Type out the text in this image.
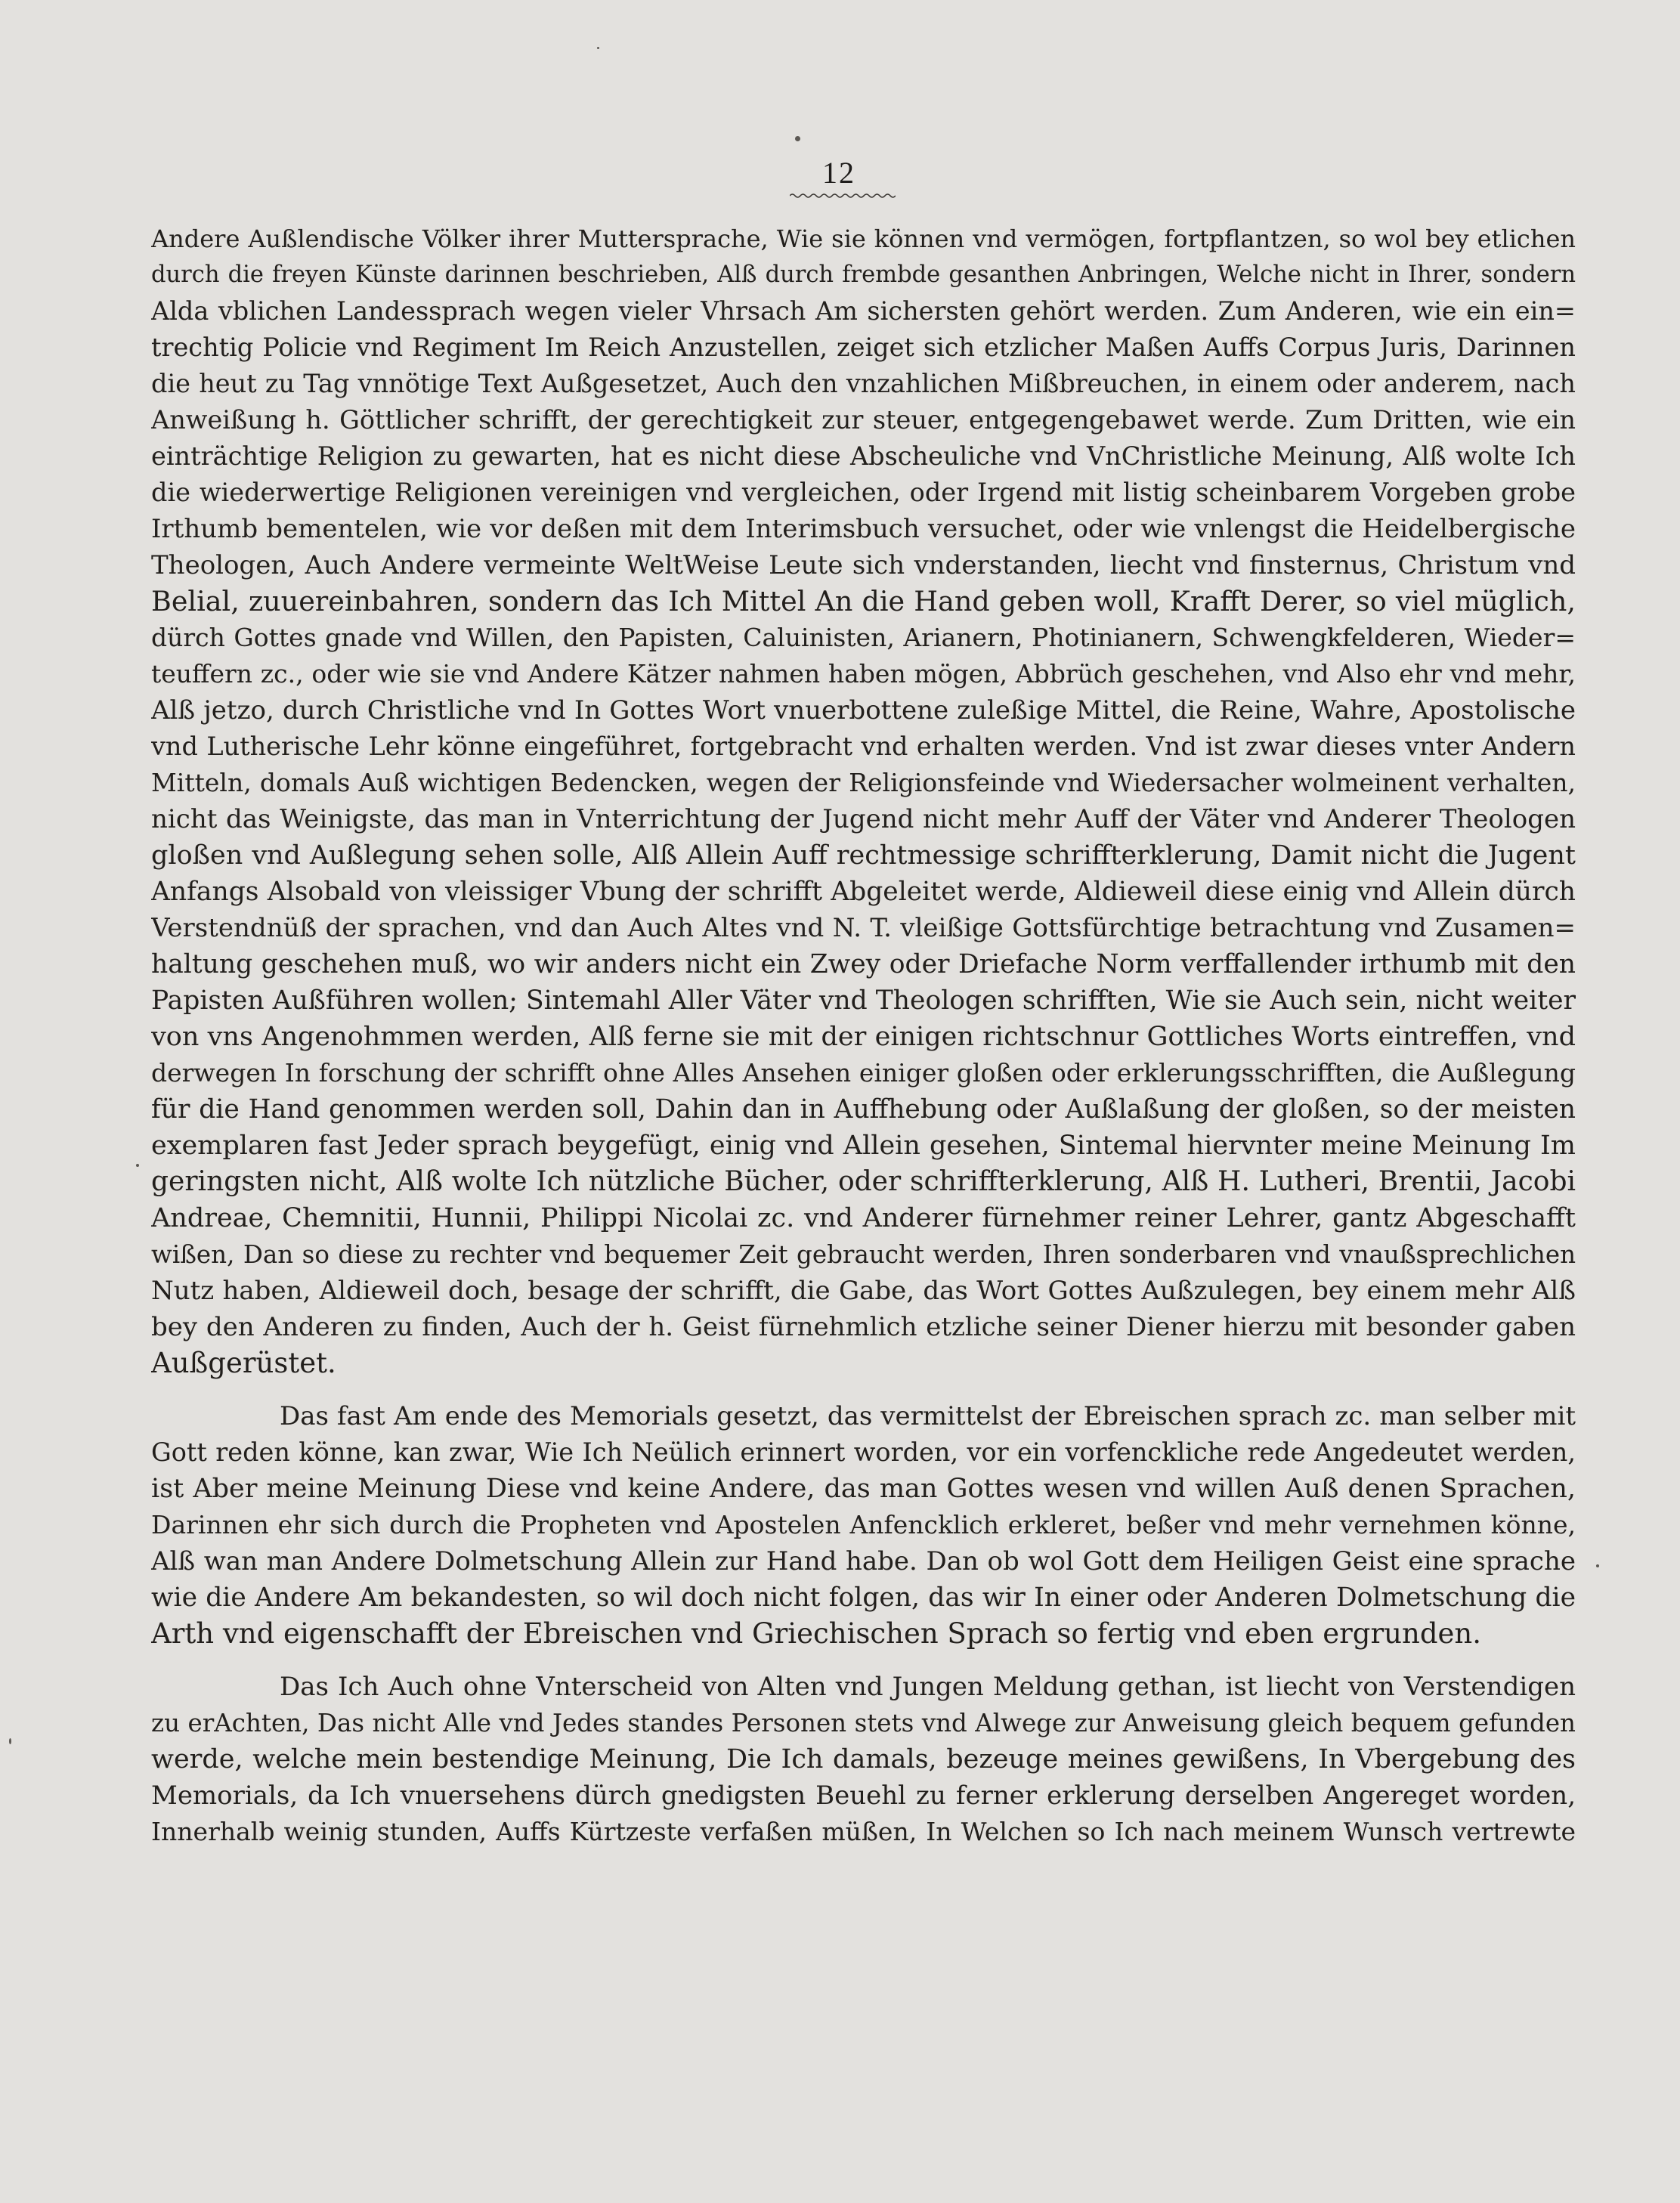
12
Andere Außlendische Völker ihrer Muttersprache, Wie sie können vnd vermögen, fortpflantzen, so wol bey etlichen
durch die freyen Künste darinnen beschrieben, Alß durch frembde gesanthen Anbringen, Welche nicht in Ihrer, sondern
Alda vblichen Landessprach wegen vieler Vhrsach Am sichersten gehört werden. Zum Anderen, wie ein ein=
trechtig Policie vnd Regiment Im Reich Anzustellen, zeiget sich etzlicher Maßen Auffs Corpus Juris, Darinnen
die heut zu Tag vnnötige Text Außgesetzet, Auch den vnzahlichen Mißbreuchen, in einem oder anderem, nach
Anweißung h. Göttlicher schrifft, der gerechtigkeit zur steuer, entgegengebawet werde. Zum Dritten, wie ein
einträchtige Religion zu gewarten, hat es nicht diese Abscheuliche vnd VnChristliche Meinung, Alß wolte Ich
die wiederwertige Religionen vereinigen vnd vergleichen, oder Irgend mit listig scheinbarem Vorgeben grobe
Irthumb bementelen, wie vor deßen mit dem Interimsbuch versuchet, oder wie vnlengst die Heidelbergische
Theologen, Auch Andere vermeinte WeltWeise Leute sich vnderstanden, liecht vnd finsternus, Christum vnd
Belial, zuuereinbahren, sondern das Ich Mittel An die Hand geben woll, Krafft Derer, so viel müglich,
dürch Gottes gnade vnd Willen, den Papisten, Caluinisten, Arianern, Photinianern, Schwengkfelderen, Wieder=
teuffern zc., oder wie sie vnd Andere Kätzer nahmen haben mögen, Abbrüch geschehen, vnd Also ehr vnd mehr,
Alß jetzo, durch Christliche vnd In Gottes Wort vnuerbottene zuleßige Mittel, die Reine, Wahre, Apostolische
vnd Lutherische Lehr könne eingeführet, fortgebracht vnd erhalten werden. Vnd ist zwar dieses vnter Andern
Mitteln, domals Auß wichtigen Bedencken, wegen der Religionsfeinde vnd Wiedersacher wolmeinent verhalten,
nicht das Weinigste, das man in Vnterrichtung der Jugend nicht mehr Auff der Väter vnd Anderer Theologen
gloßen vnd Außlegung sehen solle, Alß Allein Auff rechtmessige schriffterklerung, Damit nicht die Jugent
Anfangs Alsobald von vleissiger Vbung der schrifft Abgeleitet werde, Aldieweil diese einig vnd Allein dürch
Verstendnüß der sprachen, vnd dan Auch Altes vnd N. T. vleißige Gottsfürchtige betrachtung vnd Zusamen=
haltung geschehen muß, wo wir anders nicht ein Zwey oder Driefache Norm verffallender irthumb mit den
Papisten Außführen wollen; Sintemahl Aller Väter vnd Theologen schrifften, Wie sie Auch sein, nicht weiter
von vns Angenohmmen werden, Alß ferne sie mit der einigen richtschnur Gottliches Worts eintreffen, vnd
derwegen In forschung der schrifft ohne Alles Ansehen einiger gloßen oder erklerungsschrifften, die Außlegung
für die Hand genommen werden soll, Dahin dan in Auffhebung oder Außlaßung der gloßen, so der meisten
exemplaren fast Jeder sprach beygefügt, einig vnd Allein gesehen, Sintemal hiervnter meine Meinung Im
geringsten nicht, Alß wolte Ich nützliche Bücher, oder schriffterklerung, Alß H. Lutheri, Brentii, Jacobi
Andreae, Chemnitii, Hunnii, Philippi Nicolai zc. vnd Anderer fürnehmer reiner Lehrer, gantz Abgeschafft
wißen, Dan so diese zu rechter vnd bequemer Zeit gebraucht werden, Ihren sonderbaren vnd vnaußsprechlichen
Nutz haben, Aldieweil doch, besage der schrifft, die Gabe, das Wort Gottes Außzulegen, bey einem mehr Alß
bey den Anderen zu finden, Auch der h. Geist fürnehmlich etzliche seiner Diener hierzu mit besonder gaben
Außgerüstet.
Das fast Am ende des Memorials gesetzt, das vermittelst der Ebreischen sprach zc. man selber mit
Gott reden könne, kan zwar, Wie Ich Neülich erinnert worden, vor ein vorfenckliche rede Angedeutet werden,
ist Aber meine Meinung Diese vnd keine Andere, das man Gottes wesen vnd willen Auß denen Sprachen,
Darinnen ehr sich durch die Propheten vnd Apostelen Anfencklich erkleret, beßer vnd mehr vernehmen könne,
Alß wan man Andere Dolmetschung Allein zur Hand habe. Dan ob wol Gott dem Heiligen Geist eine sprache
wie die Andere Am bekandesten, so wil doch nicht folgen, das wir In einer oder Anderen Dolmetschung die
Arth vnd eigenschafft der Ebreischen vnd Griechischen Sprach so fertig vnd eben ergrunden.
Das Ich Auch ohne Vnterscheid von Alten vnd Jungen Meldung gethan, ist liecht von Verstendigen
zu erAchten, Das nicht Alle vnd Jedes standes Personen stets vnd Alwege zur Anweisung gleich bequem gefunden
werde, welche mein bestendige Meinung, Die Ich damals, bezeuge meines gewißens, In Vbergebung des
Memorials, da Ich vnuersehens dürch gnedigsten Beuehl zu ferner erklerung derselben Angereget worden,
Innerhalb weinig stunden, Auffs Kürtzeste verfaßen müßen, In Welchen so Ich nach meinem Wunsch vertrewte
